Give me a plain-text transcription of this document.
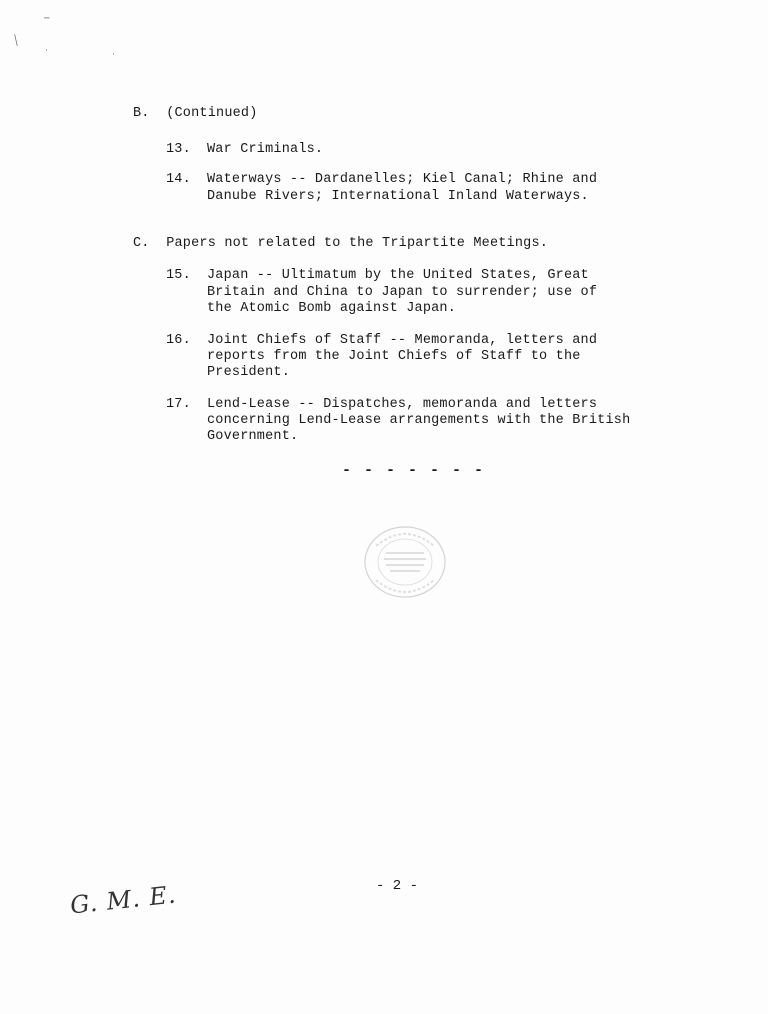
─
╱
·	·
B.  (Continued)
13. War Criminals.
14. Waterways -- Dardanelles; Kiel Canal; Rhine and
Danube Rivers; International Inland Waterways.
C.  Papers not related to the Tripartite Meetings.
15. Japan -- Ultimatum by the United States, Great
Britain and China to Japan to surrender; use of
the Atomic Bomb against Japan.
16. Joint Chiefs of Staff -- Memoranda, letters and
reports from the Joint Chiefs of Staff to the
President.
17. Lend-Lease -- Dispatches, memoranda and letters
concerning Lend-Lease arrangements with the British
Government.
- - - - - - -
- 2 -
G. M. E.
